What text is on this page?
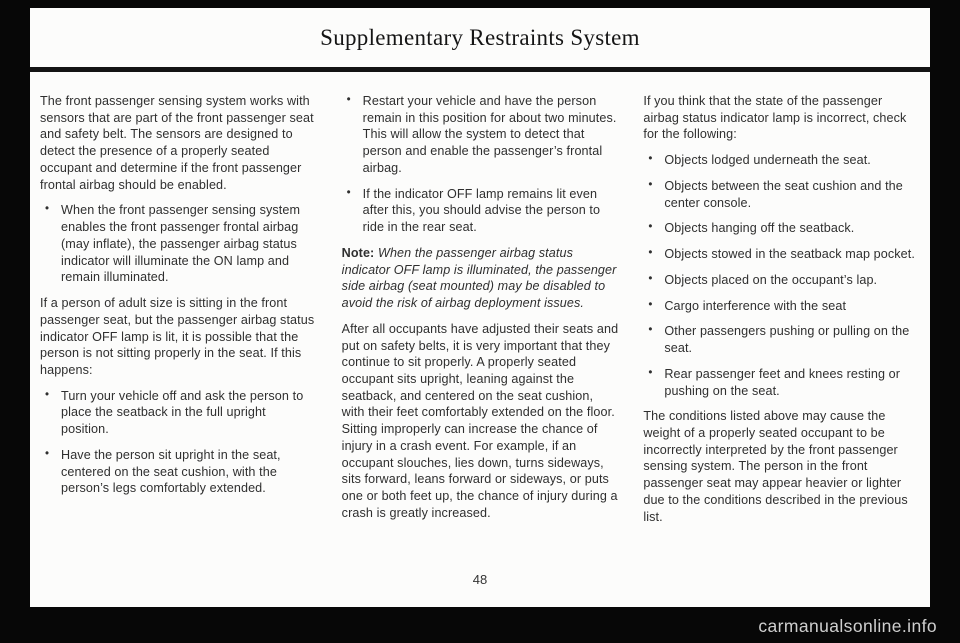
Supplementary Restraints System

The front passenger sensing system works with sensors that are part of the front passenger seat and safety belt. The sensors are designed to detect the presence of a properly seated occupant and determine if the front passenger frontal airbag should be enabled.

• When the front passenger sensing system enables the front passenger frontal airbag (may inflate), the passenger airbag status indicator will illuminate the ON lamp and remain illuminated.

If a person of adult size is sitting in the front passenger seat, but the passenger airbag status indicator OFF lamp is lit, it is possible that the person is not sitting properly in the seat. If this happens:

• Turn your vehicle off and ask the person to place the seatback in the full upright position.

• Have the person sit upright in the seat, centered on the seat cushion, with the person’s legs comfortably extended.

• Restart your vehicle and have the person remain in this position for about two minutes. This will allow the system to detect that person and enable the passenger’s frontal airbag.

• If the indicator OFF lamp remains lit even after this, you should advise the person to ride in the rear seat.

Note: When the passenger airbag status indicator OFF lamp is illuminated, the passenger side airbag (seat mounted) may be disabled to avoid the risk of airbag deployment issues.

After all occupants have adjusted their seats and put on safety belts, it is very important that they continue to sit properly. A properly seated occupant sits upright, leaning against the seatback, and centered on the seat cushion, with their feet comfortably extended on the floor. Sitting improperly can increase the chance of injury in a crash event. For example, if an occupant slouches, lies down, turns sideways, sits forward, leans forward or sideways, or puts one or both feet up, the chance of injury during a crash is greatly increased.

If you think that the state of the passenger airbag status indicator lamp is incorrect, check for the following:

• Objects lodged underneath the seat.

• Objects between the seat cushion and the center console.

• Objects hanging off the seatback.

• Objects stowed in the seatback map pocket.

• Objects placed on the occupant’s lap.

• Cargo interference with the seat

• Other passengers pushing or pulling on the seat.

• Rear passenger feet and knees resting or pushing on the seat.

The conditions listed above may cause the weight of a properly seated occupant to be incorrectly interpreted by the front passenger sensing system. The person in the front passenger seat may appear heavier or lighter due to the conditions described in the previous list.

48
carmanualsonline.info
